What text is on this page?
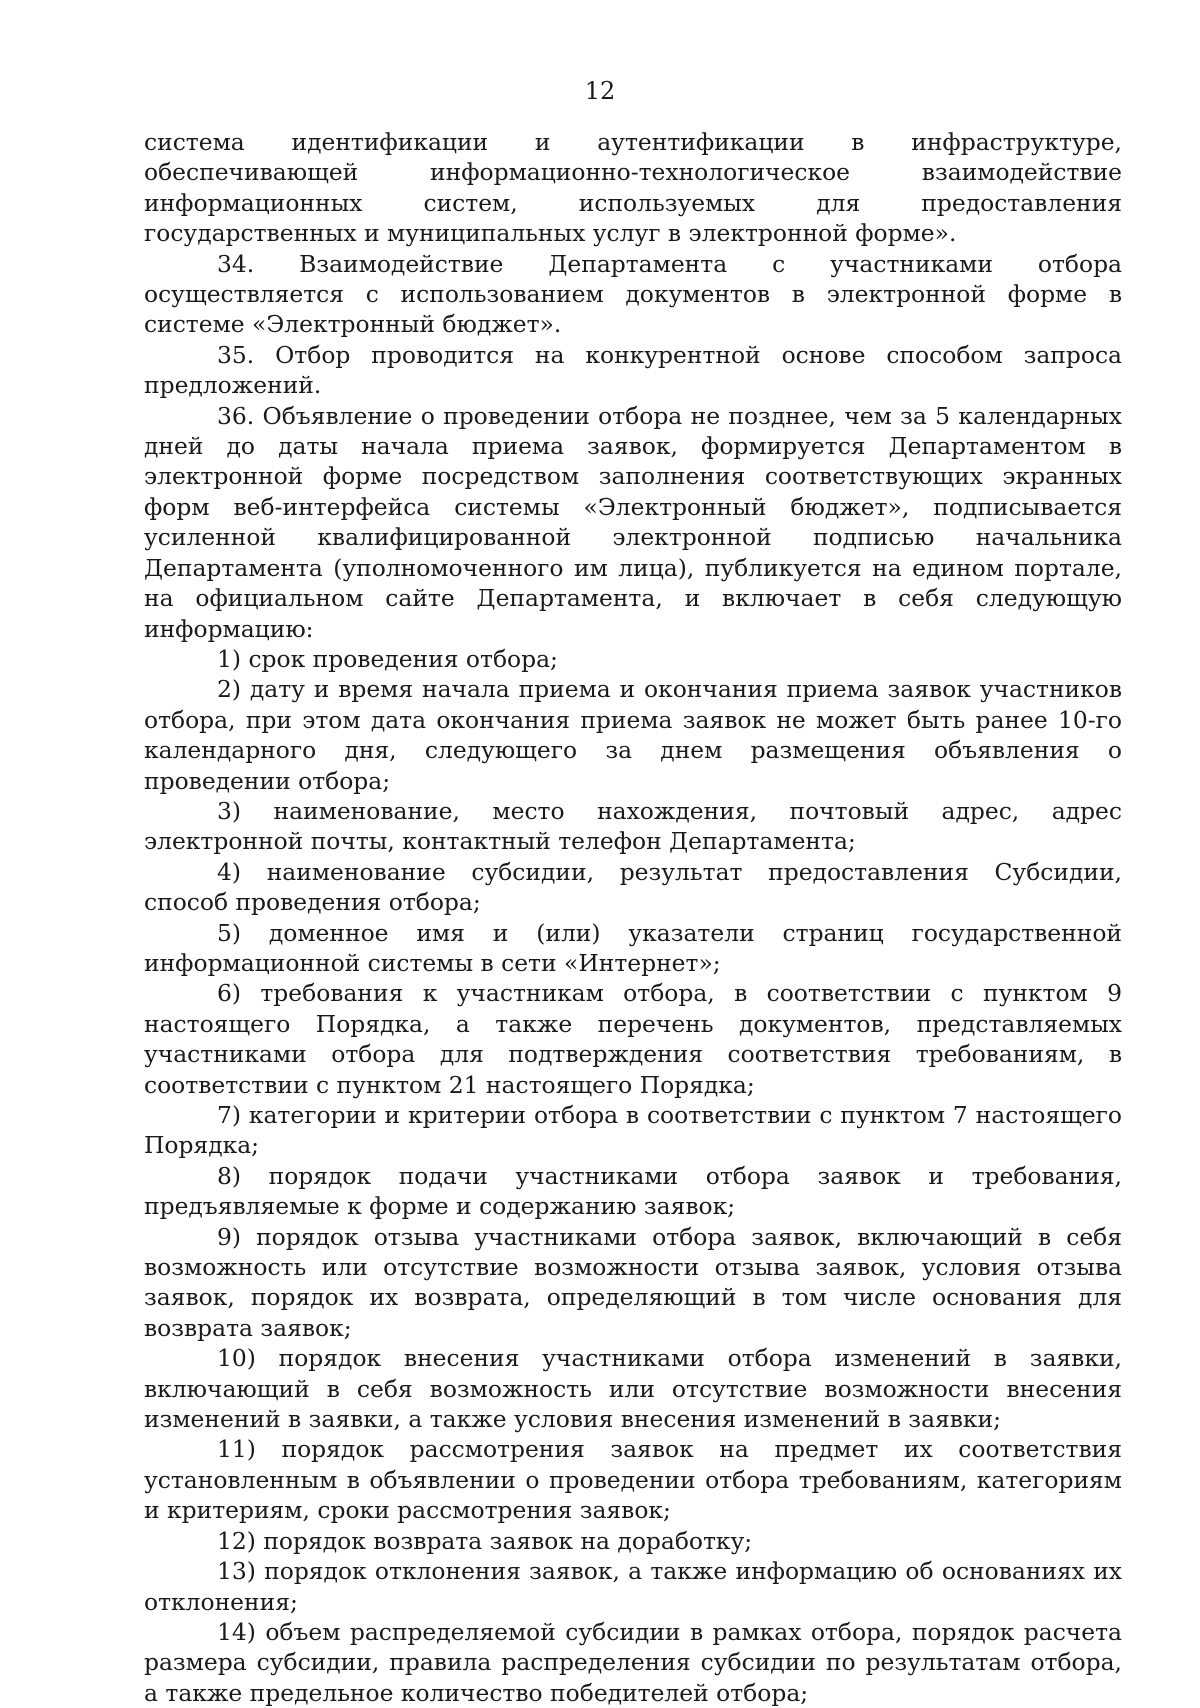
12

система идентификации и аутентификации в инфраструктуре, обеспечивающей информационно-технологическое взаимодействие информационных систем, используемых для предоставления государственных и муниципальных услуг в электронной форме».

34. Взаимодействие Департамента с участниками отбора осуществляется с использованием документов в электронной форме в системе «Электронный бюджет».

35. Отбор проводится на конкурентной основе способом запроса предложений.

36. Объявление о проведении отбора не позднее, чем за 5 календарных дней до даты начала приема заявок, формируется Департаментом в электронной форме посредством заполнения соответствующих экранных форм веб-интерфейса системы «Электронный бюджет», подписывается усиленной квалифицированной электронной подписью начальника Департамента (уполномоченного им лица), публикуется на едином портале, на официальном сайте Департамента, и включает в себя следующую информацию:

1) срок проведения отбора;

2) дату и время начала приема и окончания приема заявок участников отбора, при этом дата окончания приема заявок не может быть ранее 10-го календарного дня, следующего за днем размещения объявления о проведении отбора;

3) наименование, место нахождения, почтовый адрес, адрес электронной почты, контактный телефон Департамента;

4) наименование субсидии, результат предоставления Субсидии, способ проведения отбора;

5) доменное имя и (или) указатели страниц государственной информационной системы в сети «Интернет»;

6) требования к участникам отбора, в соответствии с пунктом 9 настоящего Порядка, а также перечень документов, представляемых участниками отбора для подтверждения соответствия требованиям, в соответствии с пунктом 21 настоящего Порядка;

7) категории и критерии отбора в соответствии с пунктом 7 настоящего Порядка;

8) порядок подачи участниками отбора заявок и требования, предъявляемые к форме и содержанию заявок;

9) порядок отзыва участниками отбора заявок, включающий в себя возможность или отсутствие возможности отзыва заявок, условия отзыва заявок, порядок их возврата, определяющий в том числе основания для возврата заявок;

10) порядок внесения участниками отбора изменений в заявки, включающий в себя возможность или отсутствие возможности внесения изменений в заявки, а также условия внесения изменений в заявки;

11) порядок рассмотрения заявок на предмет их соответствия установленным в объявлении о проведении отбора требованиям, категориям и критериям, сроки рассмотрения заявок;

12) порядок возврата заявок на доработку;

13) порядок отклонения заявок, а также информацию об основаниях их отклонения;

14) объем распределяемой субсидии в рамках отбора, порядок расчета размера субсидии, правила распределения субсидии по результатам отбора, а также предельное количество победителей отбора;
